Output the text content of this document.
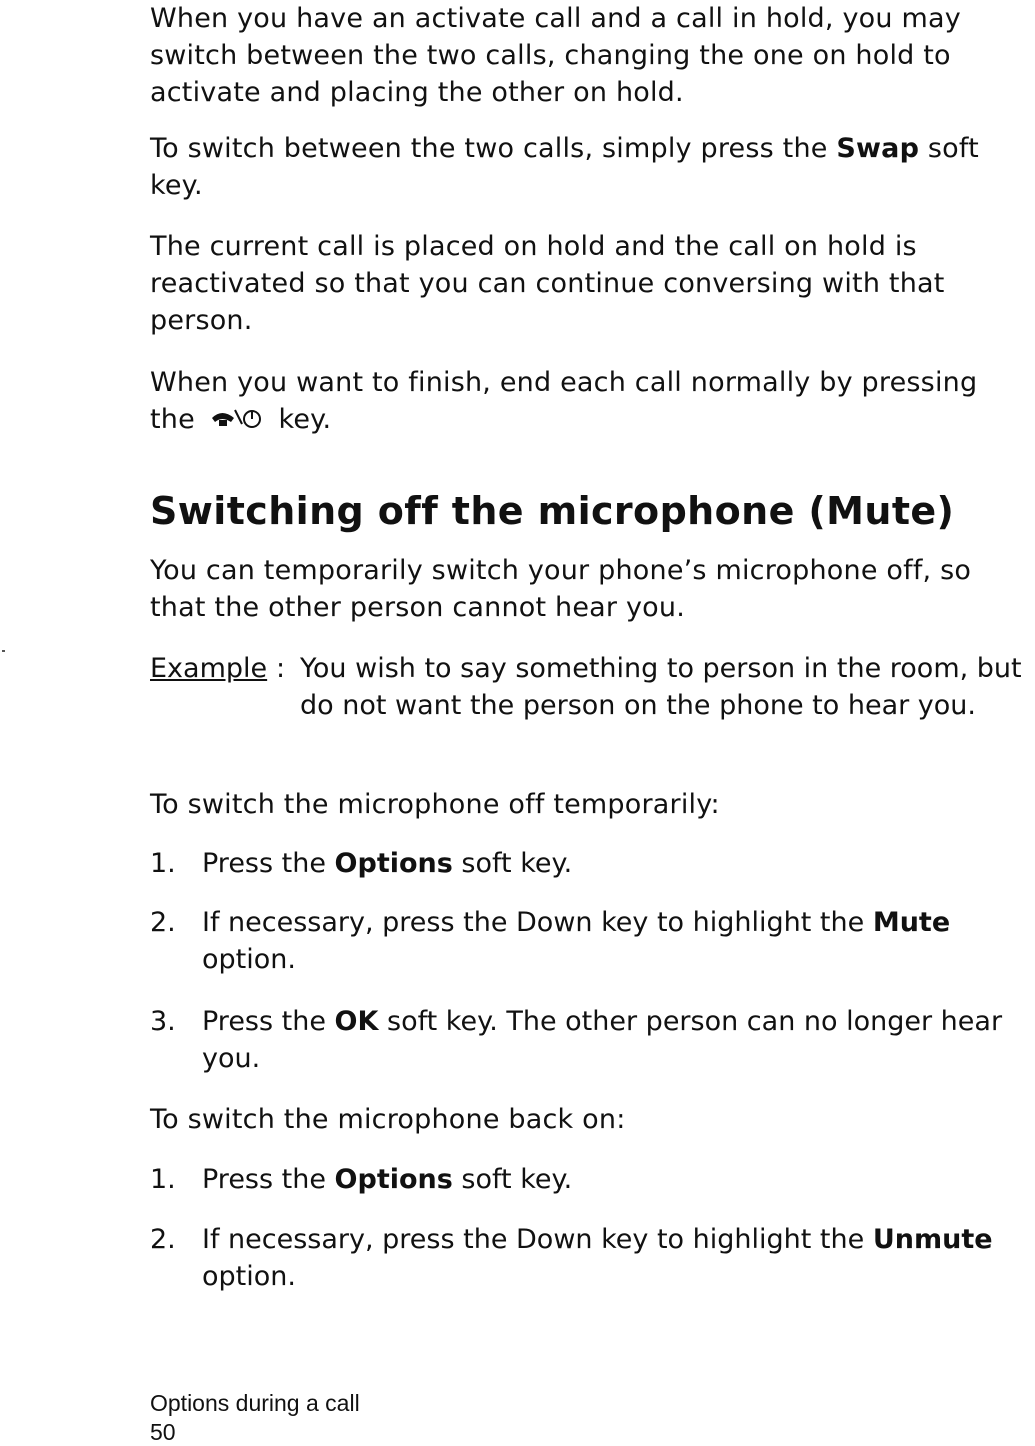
When you have an activate call and a call in hold, you may switch between the two calls, changing the one on hold to activate and placing the other on hold.

To switch between the two calls, simply press the Swap soft key.

The current call is placed on hold and the call on hold is reactivated so that you can continue conversing with that person.

When you want to finish, end each call normally by pressing the  key.

Switching off the microphone (Mute)

You can temporarily switch your phone’s microphone off, so that the other person cannot hear you.

Example : You wish to say something to person in the room, but do not want the person on the phone to hear you.

To switch the microphone off temporarily:

1. Press the Options soft key.
2. If necessary, press the Down key to highlight the Mute option.
3. Press the OK soft key. The other person can no longer hear you.

To switch the microphone back on:

1. Press the Options soft key.
2. If necessary, press the Down key to highlight the Unmute option.
Options during a call
50
